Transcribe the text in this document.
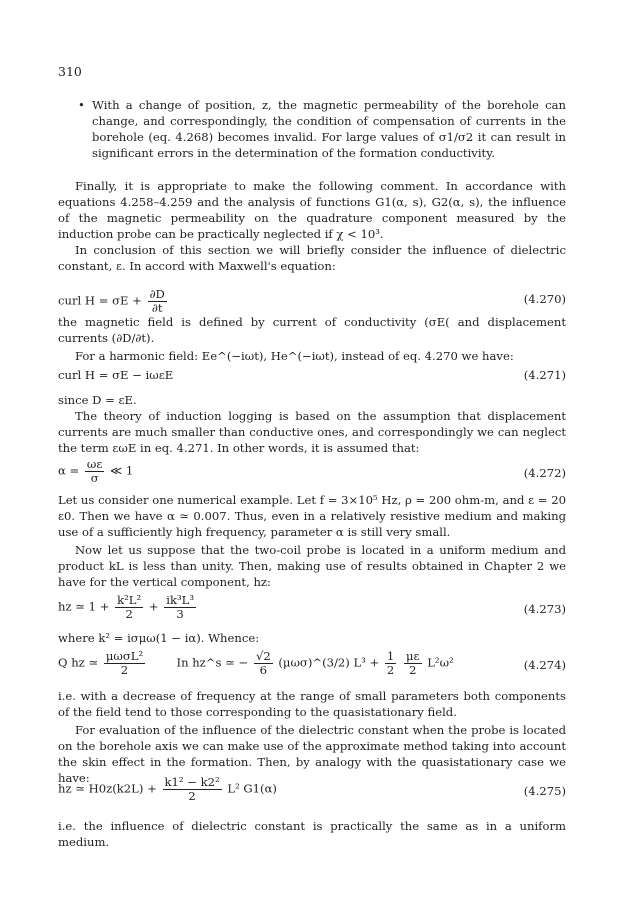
310
• With a change of position, z, the magnetic permeability of the borehole can change, and correspondingly, the condition of compensation of currents in the borehole (eq. 4.268) becomes invalid. For large values of σ1/σ2 it can result in significant errors in the determination of the formation conductivity.
Finally, it is appropriate to make the following comment. In accordance with equations 4.258–4.259 and the analysis of functions G1(α, s), G2(α, s), the influence of the magnetic permeability on the quadrature component measured by the induction probe can be practically neglected if χ < 10³.
In conclusion of this section we will briefly consider the influence of dielectric constant, ε. In accord with Maxwell's equation:
curl $H = \sigma E + \frac{\partial D}{\partial t}$	(4.270)
the magnetic field is defined by current of conductivity (σE( and displacement currents (∂D/∂t).
For a harmonic field: Ee^(−iωt), He^(−iωt), instead of eq. 4.270 we have:
curl H = σE − iωεE	(4.271)
since D = εE.
The theory of induction logging is based on the assumption that displacement currents are much smaller than conductive ones, and correspondingly we can neglect the term εωE in eq. 4.271. In other words, it is assumed that:
$\alpha = \frac{\omega\varepsilon}{\sigma}$ ≪ 1	(4.272)
Let us consider one numerical example. Let f = 3×10⁵ Hz, ρ = 200 ohm-m, and ε = 20 ε0. Then we have α ≃ 0.007. Thus, even in a relatively resistive medium and making use of a sufficiently high frequency, parameter α is still very small.
Now let us suppose that the two-coil probe is located in a uniform medium and product kL is less than unity. Then, making use of results obtained in Chapter 2 we have for the vertical component, hz:
hz ≃ $1 + \frac{\text{k²L²}}{2} + \frac{\text{ik³L³}}{3}$	(4.273)
where k² = iσμω(1 − iα). Whence:
Q hz ≃ $\frac{\text{μωσL²}}{2}$	In hz^s ≃ − $\frac{√2}{6}$ (μωσ)^(3/2) $L^3 + \frac{1}{2}$
$\frac{\mu\varepsilon}{2} L^2\omega^2$	(4.274)
i.e. with a decrease of frequency at the range of small parameters both components of the field tend to those corresponding to the quasistationary field.
For evaluation of the influence of the dielectric constant when the probe is located on the borehole axis we can make use of the approximate method taking into account the skin effect in the formation. Then, by analogy with the quasistationary case we have:
hz ≃ $H0z(k2L) + \frac{\text{k1² − k2²}}{2} L^2$ G1(α)	(4.275)
i.e. the influence of dielectric constant is practically the same as in a uniform medium.
